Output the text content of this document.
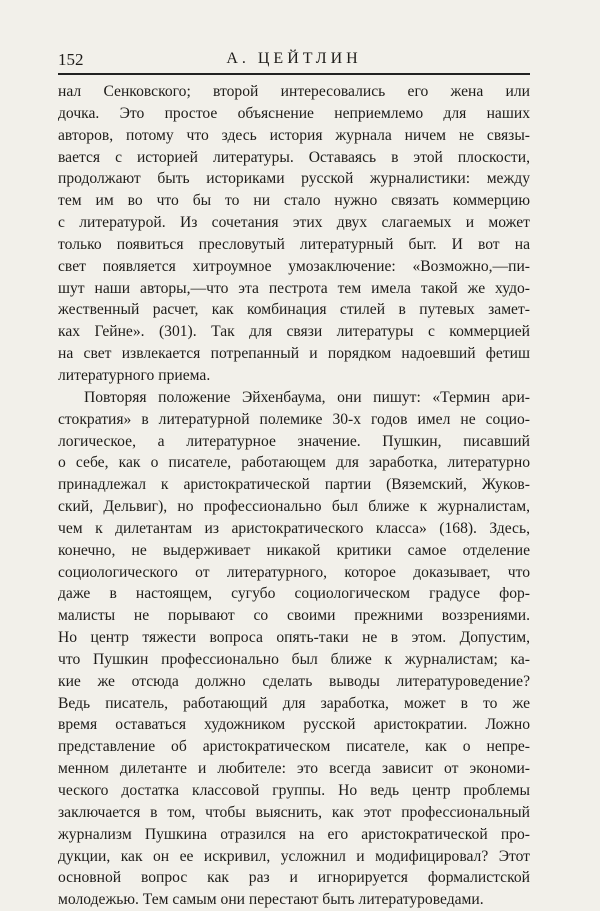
152	А. ЦЕЙТЛИН
нал Сенковского; второй интересовались его жена или
дочка. Это простое объяснение неприемлемо для наших
авторов, потому что здесь история журнала ничем не связы-
вается с историей литературы. Оставаясь в этой плоскости,
продолжают быть историками русской журналистики: между
тем им во что бы то ни стало нужно связать коммерцию
с литературой. Из сочетания этих двух слагаемых и может
только появиться пресловутый литературный быт. И вот на
свет появляется хитроумное умозаключение: «Возможно,—пи-
шут наши авторы,—что эта пестрота тем имела такой же худо-
жественный расчет, как комбинация стилей в путевых замет-
ках Гейне». (301). Так для связи литературы с коммерцией
на свет извлекается потрепанный и порядком надоевший фетиш
литературного приема.
Повторяя положение Эйхенбаума, они пишут: «Термин ари-
стократия» в литературной полемике 30-х годов имел не социо-
логическое, а литературное значение. Пушкин, писавший
о себе, как о писателе, работающем для заработка, литературно
принадлежал к аристократической партии (Вяземский, Жуков-
ский, Дельвиг), но профессионально был ближе к журналистам,
чем к дилетантам из аристократического класса» (168). Здесь,
конечно, не выдерживает никакой критики самое отделение
социологического от литературного, которое доказывает, что
даже в настоящем, сугубо социологическом градусе фор-
малисты не порывают со своими прежними воззрениями.
Но центр тяжести вопроса опять-таки не в этом. Допустим,
что Пушкин профессионально был ближе к журналистам; ка-
кие же отсюда должно сделать выводы литературоведение?
Ведь писатель, работающий для заработка, может в то же
время оставаться художником русской аристократии. Ложно
представление об аристократическом писателе, как о непре-
менном дилетанте и любителе: это всегда зависит от экономи-
ческого достатка классовой группы. Но ведь центр проблемы
заключается в том, чтобы выяснить, как этот профессиональный
журнализм Пушкина отразился на его аристократической про-
дукции, как он ее искривил, усложнил и модифицировал? Этот
основной вопрос как раз и игнорируется формалистской
молодежью. Тем самым они перестают быть литературоведами.
